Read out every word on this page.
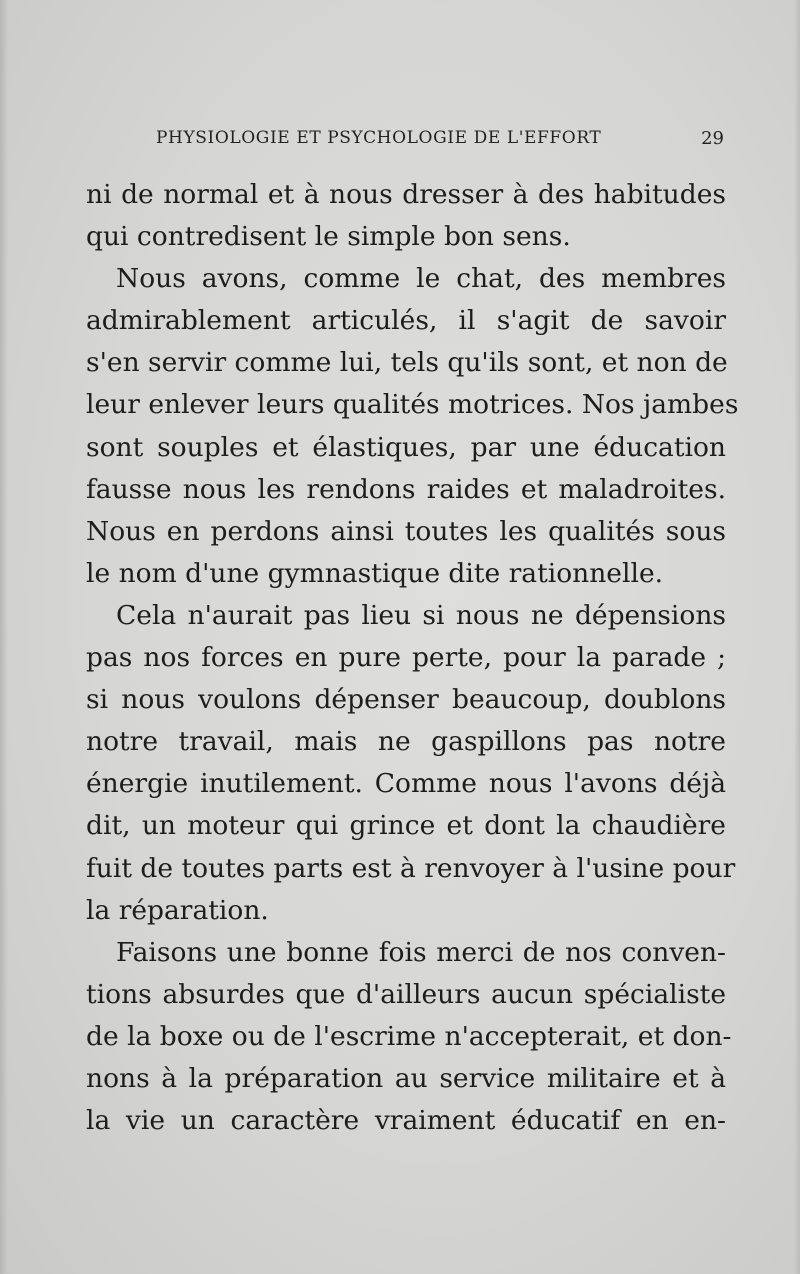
PHYSIOLOGIE ET PSYCHOLOGIE DE L'EFFORT	29
ni de normal et à nous dresser à des habitudes
qui contredisent le simple bon sens.
Nous avons, comme le chat, des membres
admirablement articulés, il s'agit de savoir
s'en servir comme lui, tels qu'ils sont, et non de
leur enlever leurs qualités motrices. Nos jambes
sont souples et élastiques, par une éducation
fausse nous les rendons raides et maladroites.
Nous en perdons ainsi toutes les qualités sous
le nom d'une gymnastique dite rationnelle.
Cela n'aurait pas lieu si nous ne dépensions
pas nos forces en pure perte, pour la parade ;
si nous voulons dépenser beaucoup, doublons
notre travail, mais ne gaspillons pas notre
énergie inutilement. Comme nous l'avons déjà
dit, un moteur qui grince et dont la chaudière
fuit de toutes parts est à renvoyer à l'usine pour
la réparation.
Faisons une bonne fois merci de nos conven-
tions absurdes que d'ailleurs aucun spécialiste
de la boxe ou de l'escrime n'accepterait, et don-
nons à la préparation au service militaire et à
la vie un caractère vraiment éducatif en en-
